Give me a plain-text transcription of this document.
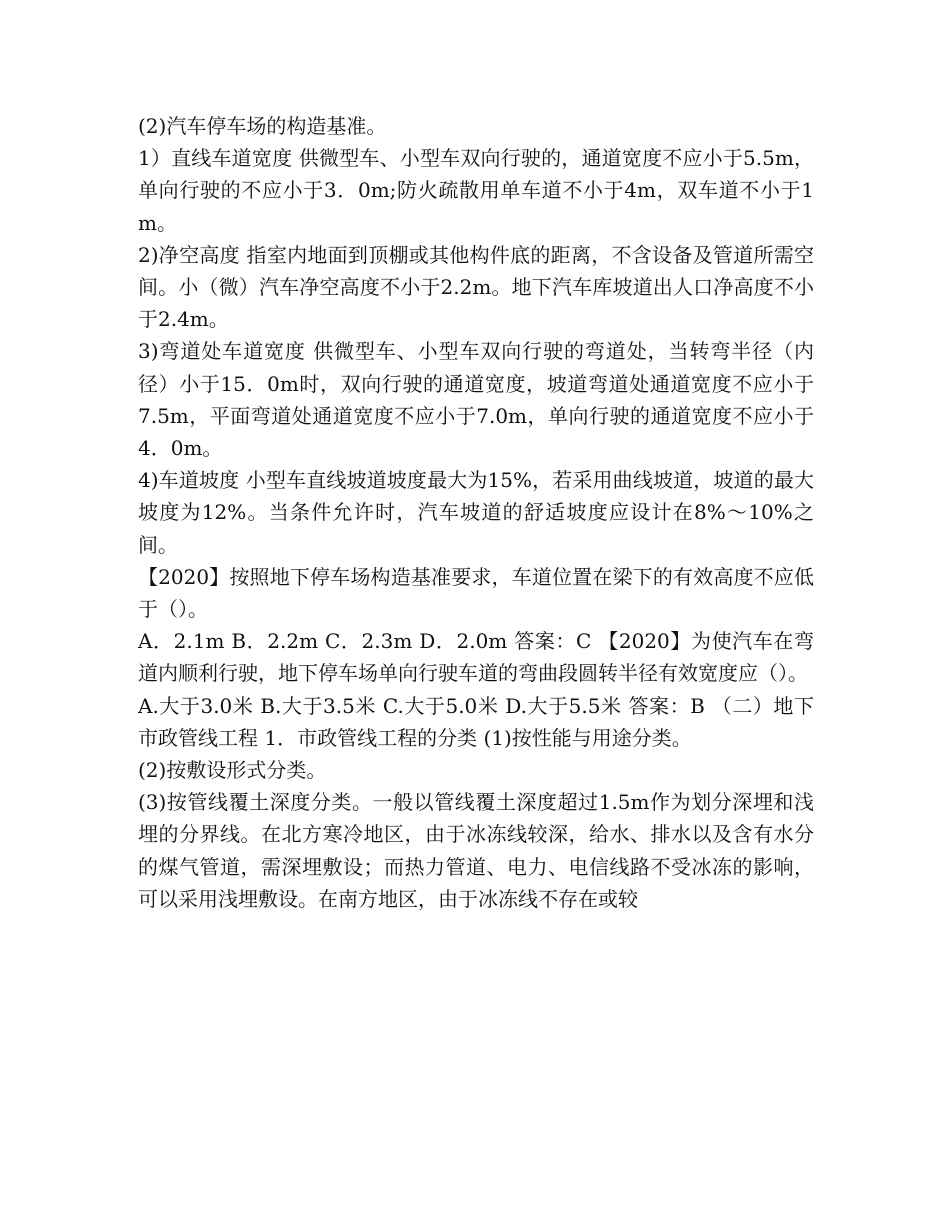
(2)汽车停车场的构造基准。

1）直线车道宽度 供微型车、小型车双向行驶的，通道宽度不应小于5.5m，单向行驶的不应小于3．0m;防火疏散用单车道不小于4m，双车道不小于1m。

2)净空高度 指室内地面到顶棚或其他构件底的距离，不含设备及管道所需空间。小（微）汽车净空高度不小于2.2m。地下汽车库坡道出人口净高度不小于2.4m。

3)弯道处车道宽度 供微型车、小型车双向行驶的弯道处，当转弯半径（内径）小于15．0m时，双向行驶的通道宽度，坡道弯道处通道宽度不应小于7.5m，平面弯道处通道宽度不应小于7.0m，单向行驶的通道宽度不应小于4．0m。

4)车道坡度 小型车直线坡道坡度最大为15%，若采用曲线坡道，坡道的最大坡度为12%。当条件允许时，汽车坡道的舒适坡度应设计在8%～10%之间。

【2020】按照地下停车场构造基准要求，车道位置在梁下的有效高度不应低于（）。

A．2.1m B．2.2m C．2.3m D．2.0m 答案：C 【2020】为使汽车在弯道内顺利行驶，地下停车场单向行驶车道的弯曲段圆转半径有效宽度应（）。

A.大于3.0米 B.大于3.5米 C.大于5.0米 D.大于5.5米 答案：B （二）地下市政管线工程 1．市政管线工程的分类 (1)按性能与用途分类。

(2)按敷设形式分类。

(3)按管线覆土深度分类。一般以管线覆土深度超过1.5m作为划分深埋和浅埋的分界线。在北方寒冷地区，由于冰冻线较深，给水、排水以及含有水分的煤气管道，需深埋敷设；而热力管道、电力、电信线路不受冰冻的影响，可以采用浅埋敷设。在南方地区，由于冰冻线不存在或较
